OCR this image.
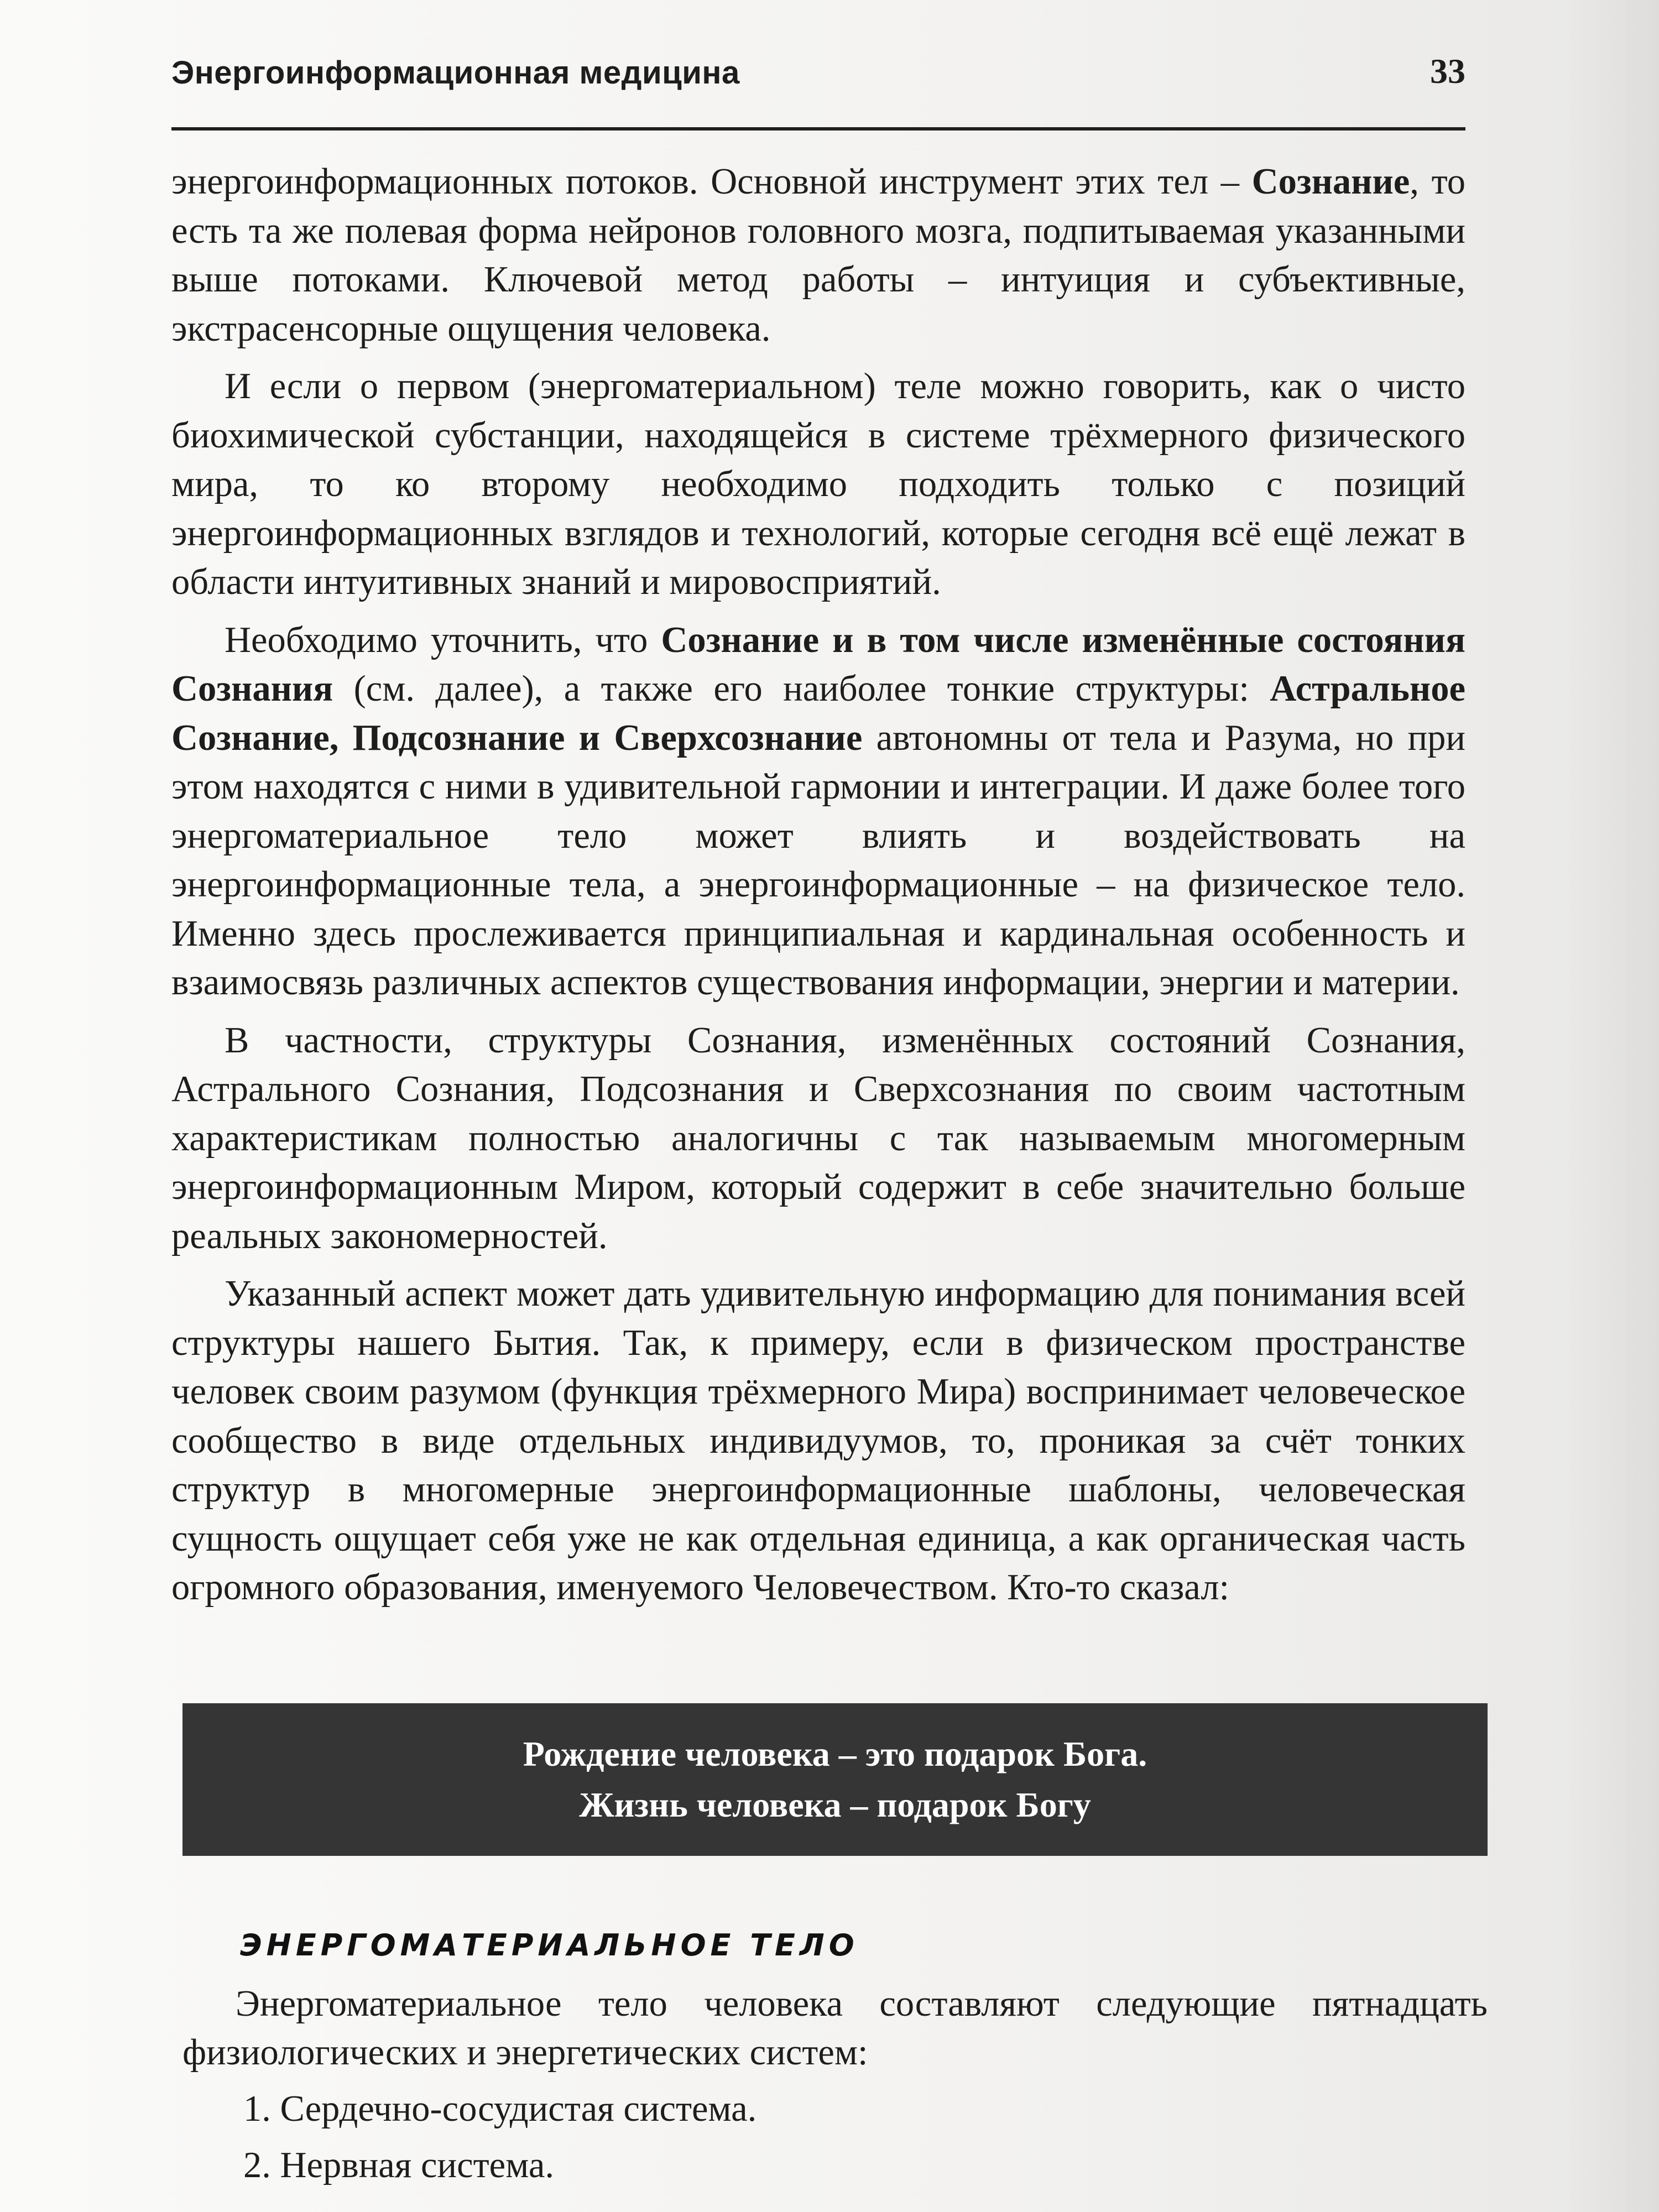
Энергоинформационная медицина	33

энергоинформационных потоков. Основной инструмент этих тел – Сознание, то есть та же полевая форма нейронов головного мозга, подпитываемая указанными выше потоками. Ключевой метод работы – интуиция и субъективные, экстрасенсорные ощущения человека.

И если о первом (энергоматериальном) теле можно говорить, как о чисто биохимической субстанции, находящейся в системе трёхмерного физического мира, то ко второму необходимо подходить только с позиций энергоинформационных взглядов и технологий, которые сегодня всё ещё лежат в области интуитивных знаний и мировосприятий.

Необходимо уточнить, что Сознание и в том числе изменённые состояния Сознания (см. далее), а также его наиболее тонкие структуры: Астральное Сознание, Подсознание и Сверхсознание автономны от тела и Разума, но при этом находятся с ними в удивительной гармонии и интеграции. И даже более того энергоматериальное тело может влиять и воздействовать на энергоинформационные тела, а энергоинформационные – на физическое тело. Именно здесь прослеживается принципиальная и кардинальная особенность и взаимосвязь различных аспектов существования информации, энергии и материи.

В частности, структуры Сознания, изменённых состояний Сознания, Астрального Сознания, Подсознания и Сверхсознания по своим частотным характеристикам полностью аналогичны с так называемым многомерным энергоинформационным Миром, который содержит в себе значительно больше реальных закономерностей.

Указанный аспект может дать удивительную информацию для понимания всей структуры нашего Бытия. Так, к примеру, если в физическом пространстве человек своим разумом (функция трёхмерного Мира) воспринимает человеческое сообщество в виде отдельных индивидуумов, то, проникая за счёт тонких структур в многомерные энергоинформационные шаблоны, человеческая сущность ощущает себя уже не как отдельная единица, а как органическая часть огромного образования, именуемого Человечеством. Кто-то сказал:

Рождение человека – это подарок Бога.
Жизнь человека – подарок Богу
ЭНЕРГОМАТЕРИАЛЬНОЕ ТЕЛО

Энергоматериальное тело человека составляют следующие пятнадцать физиологических и энергетических систем:

1. Сердечно-сосудистая система.
2. Нервная система.
